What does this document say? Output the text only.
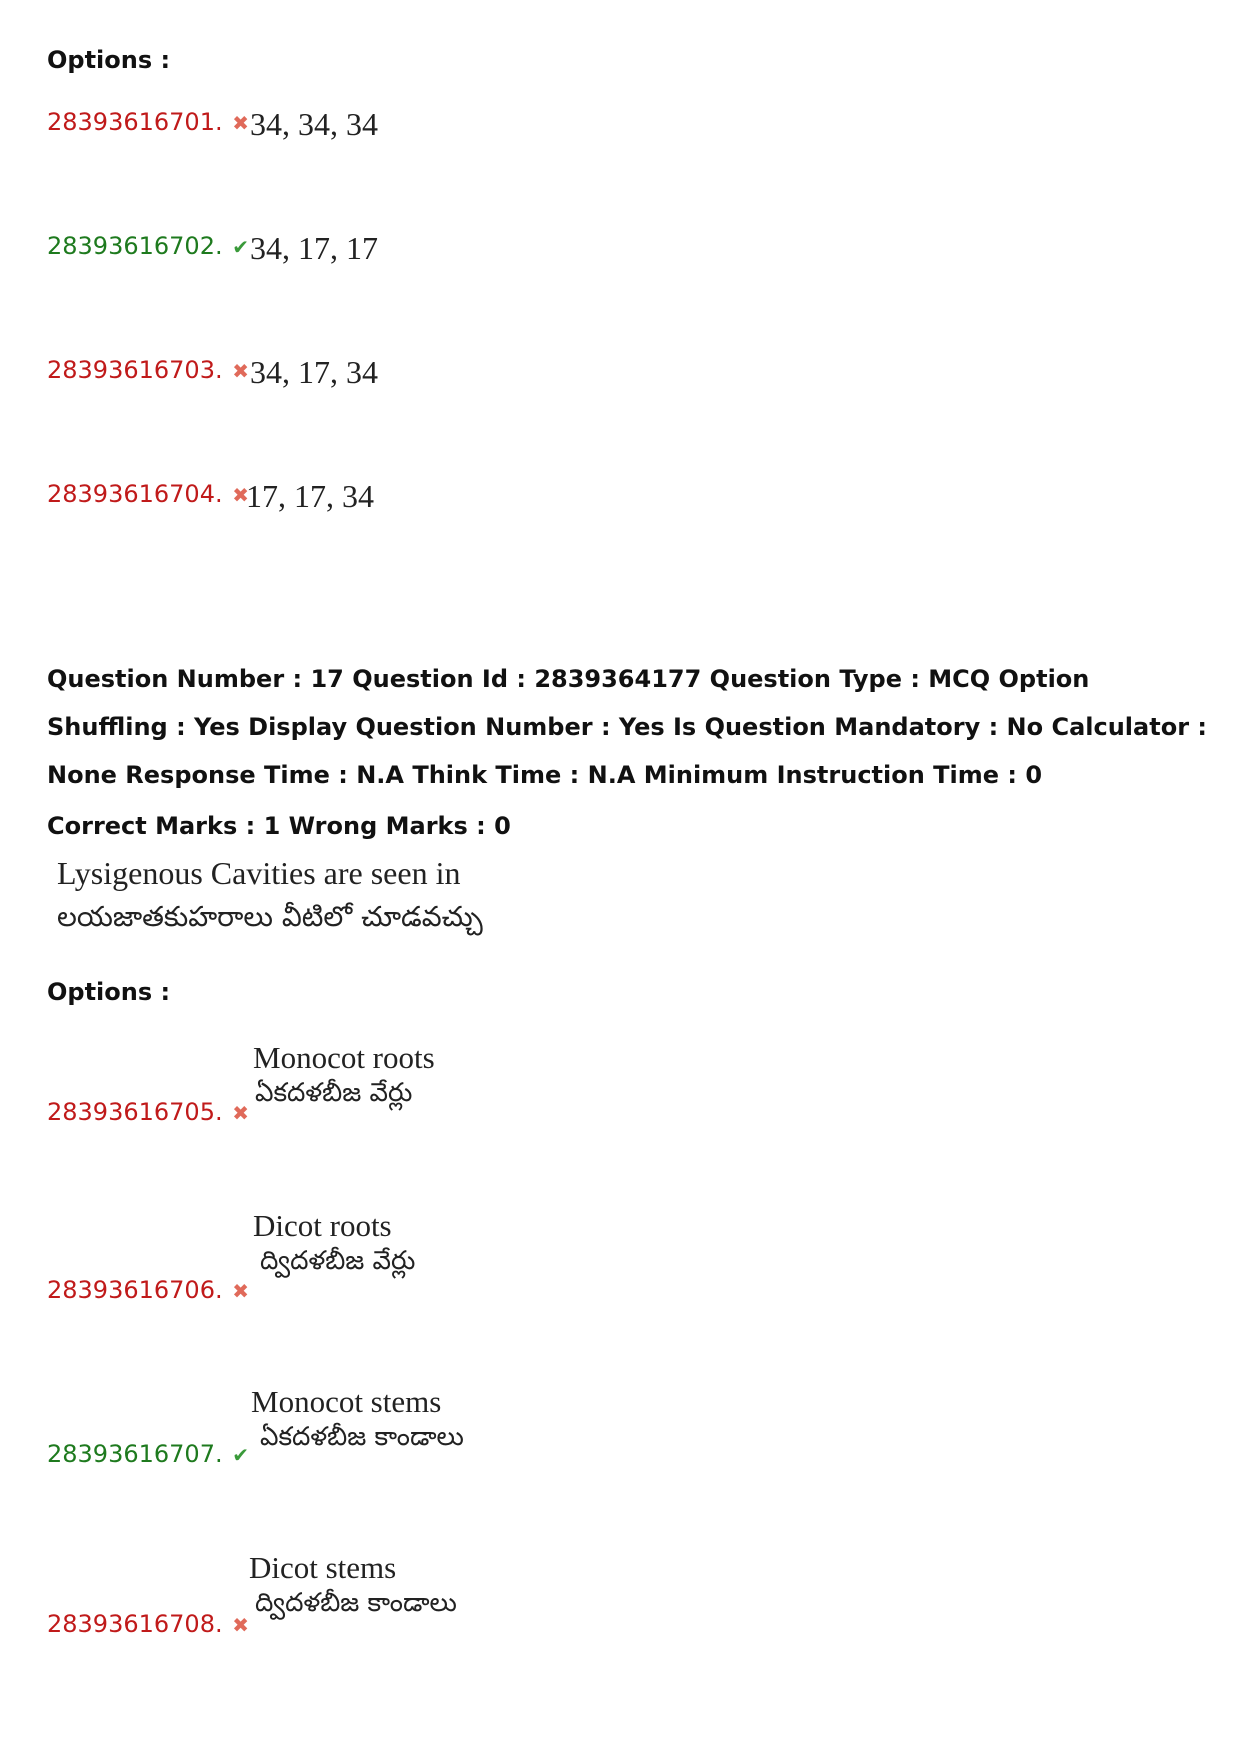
Options :
28393616701. ✖ 34, 34, 34
28393616702. ✔ 34, 17, 17
28393616703. ✖ 34, 17, 34
28393616704. ✖
17, 17, 34
Question Number : 17 Question Id : 2839364177 Question Type : MCQ Option Shuffling : Yes Display Question Number : Yes Is Question Mandatory : No Calculator : None Response Time : N.A Think Time : N.A Minimum Instruction Time : 0
Correct Marks : 1 Wrong Marks : 0
Lysigenous Cavities are seen in
లయజాతకుహరాలు వీటిలో చూడవచ్చు
Options :
Monocot roots
ఏకదళబీజ వేర్లు
28393616705. ✖
Dicot roots
ద్విదళబీజ వేర్లు
28393616706. ✖
Monocot stems
ఏకదళబీజ కాండాలు
28393616707. ✔
Dicot stems
ద్విదళబీజ కాండాలు
28393616708. ✖
